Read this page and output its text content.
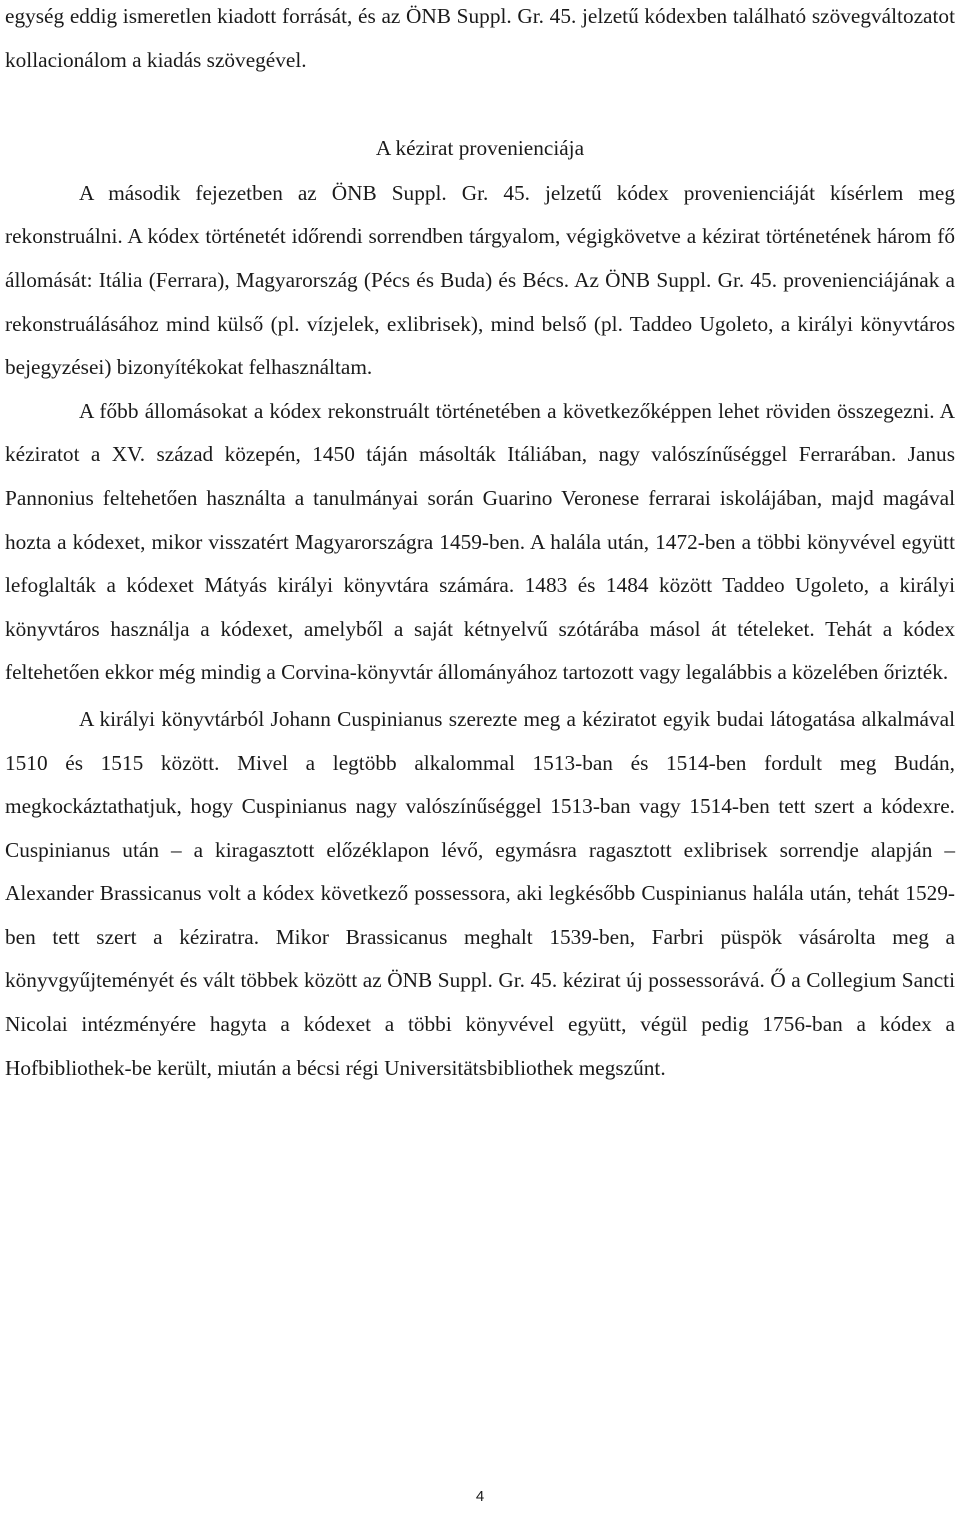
egység eddig ismeretlen kiadott forrását, és az ÖNB Suppl. Gr. 45. jelzetű kódexben található szövegváltozatot kollacionálom a kiadás szövegével.

A kézirat provenienciája

A második fejezetben az ÖNB Suppl. Gr. 45. jelzetű kódex provenienciáját kísérlem meg rekonstruálni. A kódex történetét időrendi sorrendben tárgyalom, végigkövetve a kézirat történetének három fő állomását: Itália (Ferrara), Magyarország (Pécs és Buda) és Bécs. Az ÖNB Suppl. Gr. 45. provenienciájának a rekonstruálásához mind külső (pl. vízjelek, exlibrisek), mind belső (pl. Taddeo Ugoleto, a királyi könyvtáros bejegyzései) bizonyítékokat felhasználtam.

A főbb állomásokat a kódex rekonstruált történetében a következőképpen lehet röviden összegezni. A kéziratot a XV. század közepén, 1450 táján másolták Itáliában, nagy valószínűséggel Ferrarában. Janus Pannonius feltehetően használta a tanulmányai során Guarino Veronese ferrarai iskolájában, majd magával hozta a kódexet, mikor visszatért Magyarországra 1459-ben. A halála után, 1472-ben a többi könyvével együtt lefoglalták a kódexet Mátyás királyi könyvtára számára. 1483 és 1484 között Taddeo Ugoleto, a királyi könyvtáros használja a kódexet, amelyből a saját kétnyelvű szótárába másol át tételeket. Tehát a kódex feltehetően ekkor még mindig a Corvina-könyvtár állományához tartozott vagy legalábbis a közelében őrizték.

A királyi könyvtárból Johann Cuspinianus szerezte meg a kéziratot egyik budai látogatása alkalmával 1510 és 1515 között. Mivel a legtöbb alkalommal 1513-ban és 1514-ben fordult meg Budán, megkockáztathatjuk, hogy Cuspinianus nagy valószínűséggel 1513-ban vagy 1514-ben tett szert a kódexre. Cuspinianus után – a kiragasztott előzéklapon lévő, egymásra ragasztott exlibrisek sorrendje alapján – Alexander Brassicanus volt a kódex következő possessora, aki legkésőbb Cuspinianus halála után, tehát 1529-ben tett szert a kéziratra. Mikor Brassicanus meghalt 1539-ben, Farbri püspök vásárolta meg a könyvgyűjteményét és vált többek között az ÖNB Suppl. Gr. 45. kézirat új possessorává. Ő a Collegium Sancti Nicolai intézményére hagyta a kódexet a többi könyvével együtt, végül pedig 1756-ban a kódex a Hofbibliothek-be került, miután a bécsi régi Universitätsbibliothek megszűnt.

4
